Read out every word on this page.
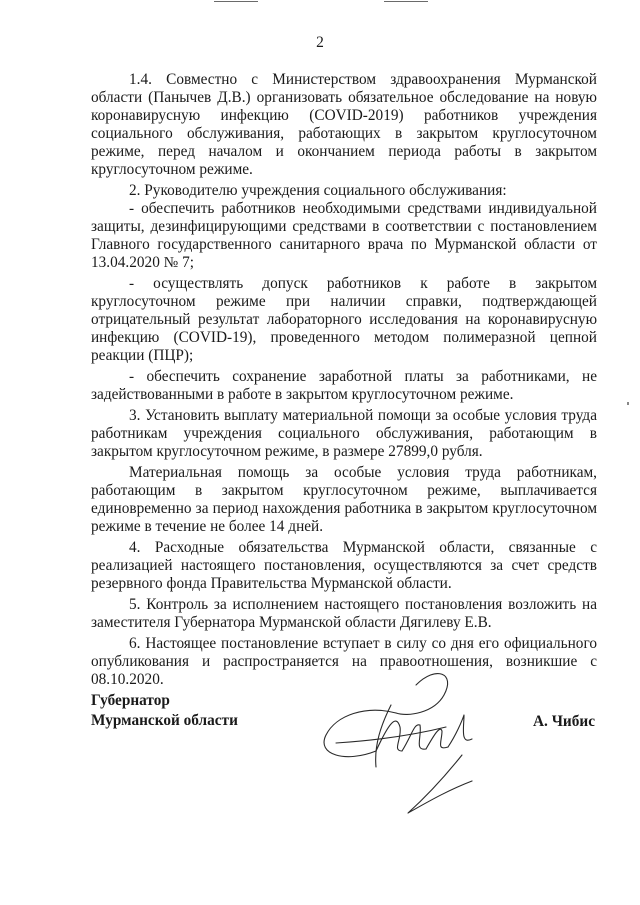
2

1.4. Совместно с Министерством здравоохранения Мурманской области (Панычев Д.В.) организовать обязательное обследование на новую коронавирусную инфекцию (COVID-2019) работников учреждения социального обслуживания, работающих в закрытом круглосуточном режиме, перед началом и окончанием периода работы в закрытом круглосуточном режиме.

2. Руководителю учреждения социального обслуживания:

- обеспечить работников необходимыми средствами индивидуальной защиты, дезинфицирующими средствами в соответствии с постановлением Главного государственного санитарного врача по Мурманской области от 13.04.2020 № 7;

- осуществлять допуск работников к работе в закрытом круглосуточном режиме при наличии справки, подтверждающей отрицательный результат лабораторного исследования на коронавирусную инфекцию (COVID-19), проведенного методом полимеразной цепной реакции (ПЦР);

- обеспечить сохранение заработной платы за работниками, не задействованными в работе в закрытом круглосуточном режиме.

3. Установить выплату материальной помощи за особые условия труда работникам учреждения социального обслуживания, работающим в закрытом круглосуточном режиме, в размере 27899,0 рубля.

Материальная помощь за особые условия труда работникам, работающим в закрытом круглосуточном режиме, выплачивается единовременно за период нахождения работника в закрытом круглосуточном режиме в течение не более 14 дней.

4. Расходные обязательства Мурманской области, связанные с реализацией настоящего постановления, осуществляются за счет средств резервного фонда Правительства Мурманской области.

5. Контроль за исполнением настоящего постановления возложить на заместителя Губернатора Мурманской области Дягилеву Е.В.

6. Настоящее постановление вступает в силу со дня его официального опубликования и распространяется на правоотношения, возникшие с 08.10.2020.

Губернатор
Мурманской области	А. Чибис
